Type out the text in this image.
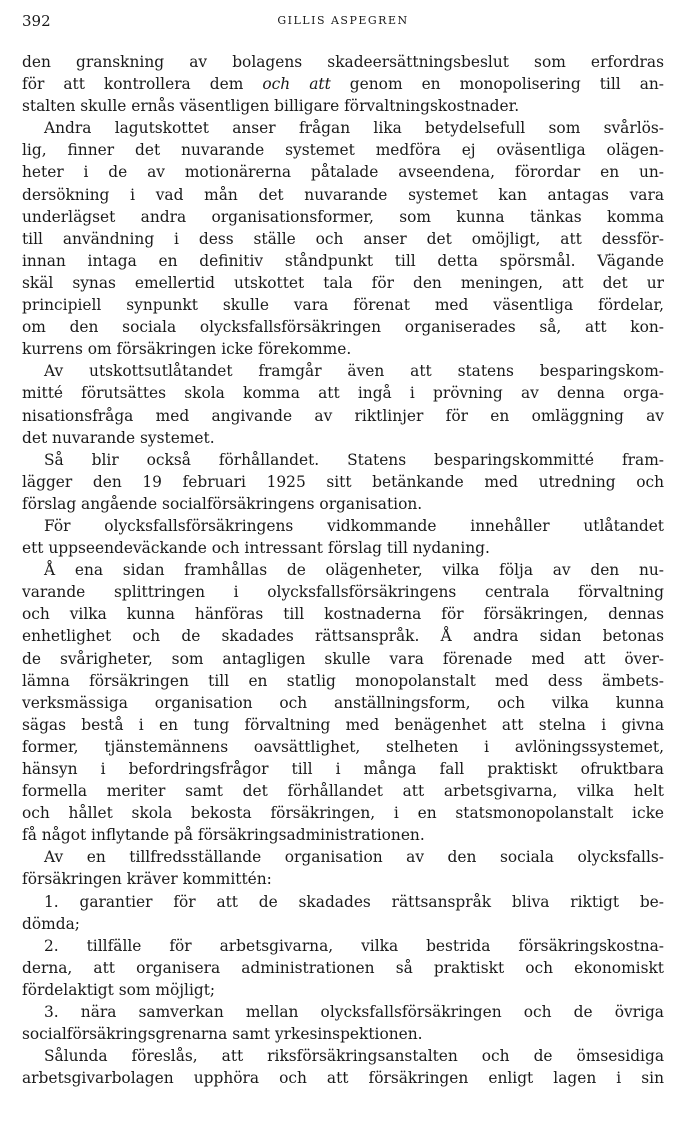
392	GILLIS ASPEGREN
den granskning av bolagens skadeersättningsbeslut som erfordras
för att kontrollera dem och att genom en monopolisering till an-
stalten skulle ernås väsentligen billigare förvaltningskostnader.
Andra lagutskottet anser frågan lika betydelsefull som svårlös-
lig, finner det nuvarande systemet medföra ej oväsentliga olägen-
heter i de av motionärerna påtalade avseendena, förordar en un-
dersökning i vad mån det nuvarande systemet kan antagas vara
underlägset andra organisationsformer, som kunna tänkas komma
till användning i dess ställe och anser det omöjligt, att dessför-
innan intaga en definitiv ståndpunkt till detta spörsmål. Vägande
skäl synas emellertid utskottet tala för den meningen, att det ur
principiell synpunkt skulle vara förenat med väsentliga fördelar,
om den sociala olycksfallsförsäkringen organiserades så, att kon-
kurrens om försäkringen icke förekomme.
Av utskottsutlåtandet framgår även att statens besparingskom-
mitté förutsättes skola komma att ingå i prövning av denna orga-
nisationsfråga med angivande av riktlinjer för en omläggning av
det nuvarande systemet.
Så blir också förhållandet. Statens besparingskommitté fram-
lägger den 19 februari 1925 sitt betänkande med utredning och
förslag angående socialförsäkringens organisation.
För olycksfallsförsäkringens vidkommande innehåller utlåtandet
ett uppseendeväckande och intressant förslag till nydaning.
Å ena sidan framhållas de olägenheter, vilka följa av den nu-
varande splittringen i olycksfallsförsäkringens centrala förvaltning
och vilka kunna hänföras till kostnaderna för försäkringen, dennas
enhetlighet och de skadades rättsanspråk. Å andra sidan betonas
de svårigheter, som antagligen skulle vara förenade med att över-
lämna försäkringen till en statlig monopolanstalt med dess ämbets-
verksmässiga organisation och anställningsform, och vilka kunna
sägas bestå i en tung förvaltning med benägenhet att stelna i givna
former, tjänstemännens oavsättlighet, stelheten i avlöningssystemet,
hänsyn i befordringsfrågor till i många fall praktiskt ofruktbara
formella meriter samt det förhållandet att arbetsgivarna, vilka helt
och hållet skola bekosta försäkringen, i en statsmonopolanstalt icke
få något inflytande på försäkringsadministrationen.
Av en tillfredsställande organisation av den sociala olycksfalls-
försäkringen kräver kommittén:
1. garantier för att de skadades rättsanspråk bliva riktigt be-
dömda;
2. tillfälle för arbetsgivarna, vilka bestrida försäkringskostna-
derna, att organisera administrationen så praktiskt och ekonomiskt
fördelaktigt som möjligt;
3. nära samverkan mellan olycksfallsförsäkringen och de övriga
socialförsäkringsgrenarna samt yrkesinspektionen.
Sålunda föreslås, att riksförsäkringsanstalten och de ömsesidiga
arbetsgivarbolagen upphöra och att försäkringen enligt lagen i sin
